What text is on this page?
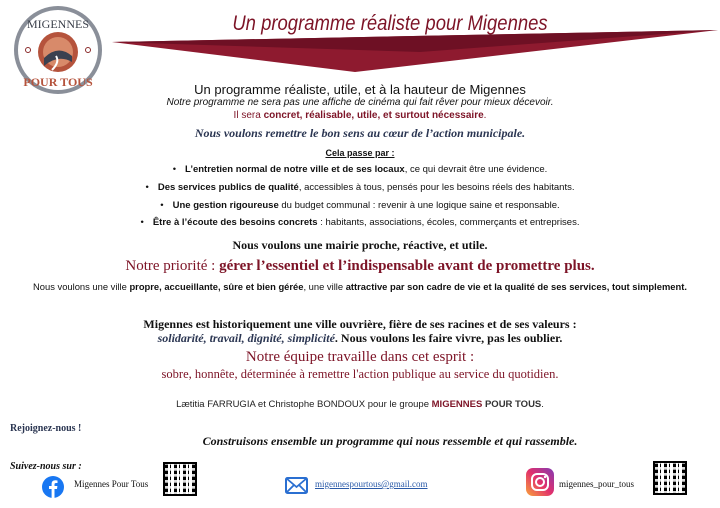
MIGENNES
POUR TOUS
Un programme réaliste pour Migennes
Un programme réaliste, utile, et à la hauteur de Migennes
Notre programme ne sera pas une affiche de cinéma qui fait rêver pour mieux décevoir.
Il sera concret, réalisable, utile, et surtout nécessaire.
Nous voulons remettre le bon sens au cœur de l’action municipale.
Cela passe par :
• L’entretien normal de notre ville et de ses locaux, ce qui devrait être une évidence.
• Des services publics de qualité, accessibles à tous, pensés pour les besoins réels des habitants.
• Une gestion rigoureuse du budget communal : revenir à une logique saine et responsable.
• Être à l’écoute des besoins concrets : habitants, associations, écoles, commerçants et entreprises.
Nous voulons une mairie proche, réactive, et utile.
Notre priorité : gérer l’essentiel et l’indispensable avant de promettre plus.
Nous voulons une ville propre, accueillante, sûre et bien gérée, une ville attractive par son cadre de vie et la qualité de ses services, tout simplement.
Migennes est historiquement une ville ouvrière, fière de ses racines et de ses valeurs :
solidarité, travail, dignité, simplicité. Nous voulons les faire vivre, pas les oublier.
Notre équipe travaille dans cet esprit :
sobre, honnête, déterminée à remettre l'action publique au service du quotidien.
Lætitia FARRUGIA et Christophe BONDOUX pour le groupe MIGENNES POUR TOUS.
Rejoignez-nous !
Construisons ensemble un programme qui nous ressemble et qui rassemble.
Suivez-nous sur :
Migennes Pour Tous	migennespourtous@gmail.com	migennes_pour_tous
